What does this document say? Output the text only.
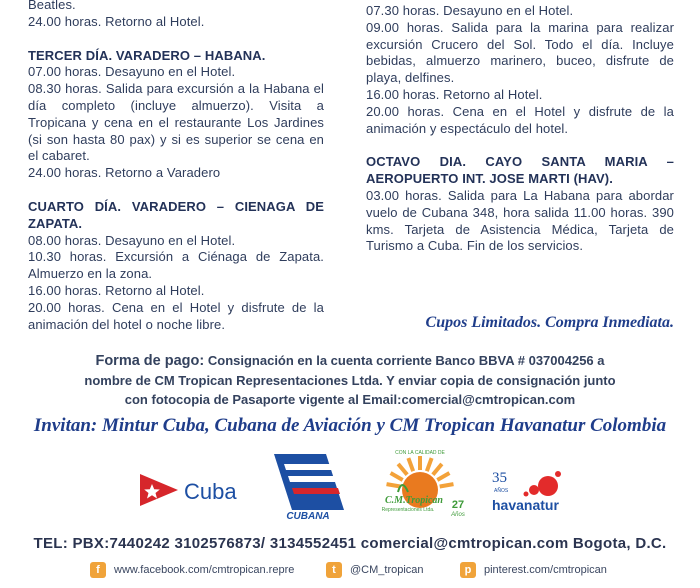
Beatles.

24.00 horas. Retorno al Hotel.

TERCER DÍA. VARADERO – HABANA.

07.00 horas. Desayuno en el Hotel.

08.30 horas. Salida para excursión a la Habana el día completo (incluye almuerzo). Visita a Tropicana y cena en el restaurante Los Jardines (si son hasta 80 pax) y si es superior se cena en el cabaret.

24.00 horas. Retorno a Varadero

CUARTO DÍA. VARADERO – CIENAGA DE ZAPATA.

08.00 horas. Desayuno en el Hotel.

10.30 horas. Excursión a Ciénaga de Zapata. Almuerzo en la zona.

16.00 horas. Retorno al Hotel.

20.00 horas. Cena en el Hotel y disfrute de la animación del hotel o noche libre.

07.30 horas. Desayuno en el Hotel.

09.00 horas. Salida para la marina para realizar excursión Crucero del Sol. Todo el día. Incluye bebidas, almuerzo marinero, buceo, disfrute de playa, delfines.

16.00 horas. Retorno al Hotel.

20.00 horas. Cena en el Hotel y disfrute de la animación y espectáculo del hotel.

OCTAVO DIA. CAYO SANTA MARIA – AEROPUERTO INT. JOSE MARTI (HAV).

03.00 horas. Salida para La Habana para abordar vuelo de Cubana 348, hora salida 11.00 horas. 390 kms. Tarjeta de Asistencia Médica, Tarjeta de Turismo a Cuba. Fin de los servicios.

Cupos Limitados. Compra Inmediata.
Forma de pago: Consignación en la cuenta corriente Banco BBVA # 037004256 a
nombre de CM Tropican Representaciones Ltda. Y enviar copia de consignación junto
con fotocopia de Pasaporte vigente al Email:comercial@cmtropican.com
Invitan: Mintur Cuba, Cubana de Aviación y CM Tropican Havanatur Colombia
Cuba
CUBANA
CON LA CALIDAD DE
C.M.Tropican
Representaciones Ltda. 27
Años
35
AÑOS
havanatur
TEL: PBX:7440242 3102576873/ 3134552451 comercial@cmtropican.com Bogota, D.C.
f	www.facebook.com/cmtropican.repre	t	@CM_tropican	p	pinterest.com/cmtropican
